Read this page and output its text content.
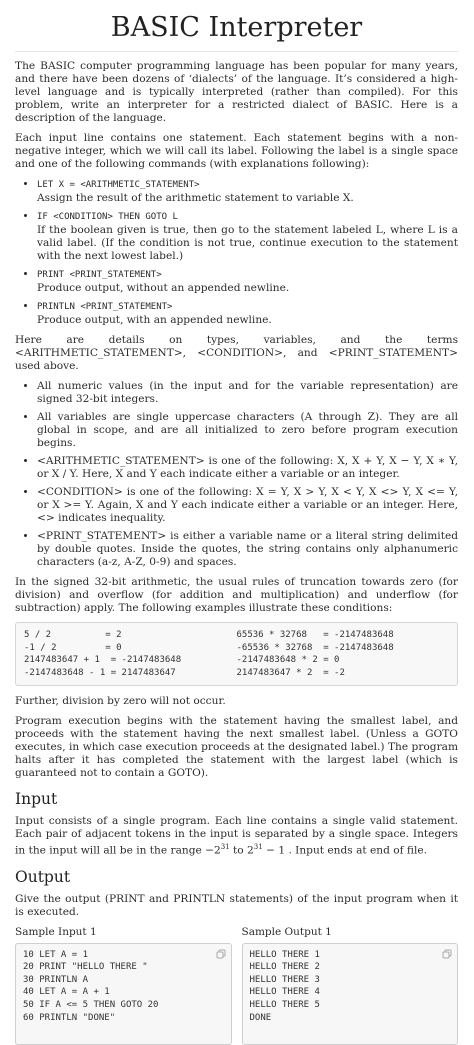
BASIC Interpreter

The BASIC computer programming language has been popular for many years, and there have been dozens of ‘dialects’ of the language. It’s considered a high-level language and is typically interpreted (rather than compiled). For this problem, write an interpreter for a restricted dialect of BASIC. Here is a description of the language.

Each input line contains one statement. Each statement begins with a non-negative integer, which we will call its label. Following the label is a single space and one of the following commands (with explanations following):

• LET X = <ARITHMETIC_STATEMENT>
Assign the result of the arithmetic statement to variable X.
• IF <CONDITION> THEN GOTO L
If the boolean given is true, then go to the statement labeled L, where L is a valid label. (If the condition is not true, continue execution to the statement with the next lowest label.)
• PRINT <PRINT_STATEMENT>
Produce output, without an appended newline.
• PRINTLN <PRINT_STATEMENT>
Produce output, with an appended newline.

Here are details on types, variables, and the terms <ARITHMETIC_STATEMENT>, <CONDITION>, and <PRINT_STATEMENT> used above.

• All numeric values (in the input and for the variable representation) are signed 32-bit integers.
• All variables are single uppercase characters (A through Z). They are all global in scope, and are all initialized to zero before program execution begins.
• <ARITHMETIC_STATEMENT> is one of the following: X, X + Y, X − Y, X ∗ Y, or X / Y. Here, X and Y each indicate either a variable or an integer.
• <CONDITION> is one of the following: X = Y, X > Y, X < Y, X <> Y, X <= Y, or X >= Y. Again, X and Y each indicate either a variable or an integer. Here, <> indicates inequality.
• <PRINT_STATEMENT> is either a variable name or a literal string delimited by double quotes. Inside the quotes, the string contains only alphanumeric characters (a-z, A-Z, 0-9) and spaces.

In the signed 32-bit arithmetic, the usual rules of truncation towards zero (for division) and overflow (for addition and multiplication) and underflow (for subtraction) apply. The following examples illustrate these conditions:

5 / 2          = 2
-1 / 2         = 0
2147483647 + 1  = -2147483648
-2147483648 - 1 = 2147483647
65536 * 32768   = -2147483648
-65536 * 32768  = -2147483648
-2147483648 * 2 = 0
2147483647 * 2  = -2

Further, division by zero will not occur.

Program execution begins with the statement having the smallest label, and proceeds with the statement having the next smallest label. (Unless a GOTO executes, in which case execution proceeds at the designated label.) The program halts after it has completed the statement with the largest label (which is guaranteed not to contain a GOTO).

Input

Input consists of a single program. Each line contains a single valid statement. Each pair of adjacent tokens in the input is separated by a single space. Integers in the input will all be in the range $-2^{31}$ to $2^{31} - 1$ . Input ends at end of file.

Output

Give the output (PRINT and PRINTLN statements) of the input program when it is executed.

Sample Input 1
10 LET A = 1
20 PRINT "HELLO THERE "
30 PRINTLN A
40 LET A = A + 1
50 IF A <= 5 THEN GOTO 20
60 PRINTLN "DONE"
Sample Output 1
HELLO THERE 1
HELLO THERE 2
HELLO THERE 3
HELLO THERE 4
HELLO THERE 5
DONE
